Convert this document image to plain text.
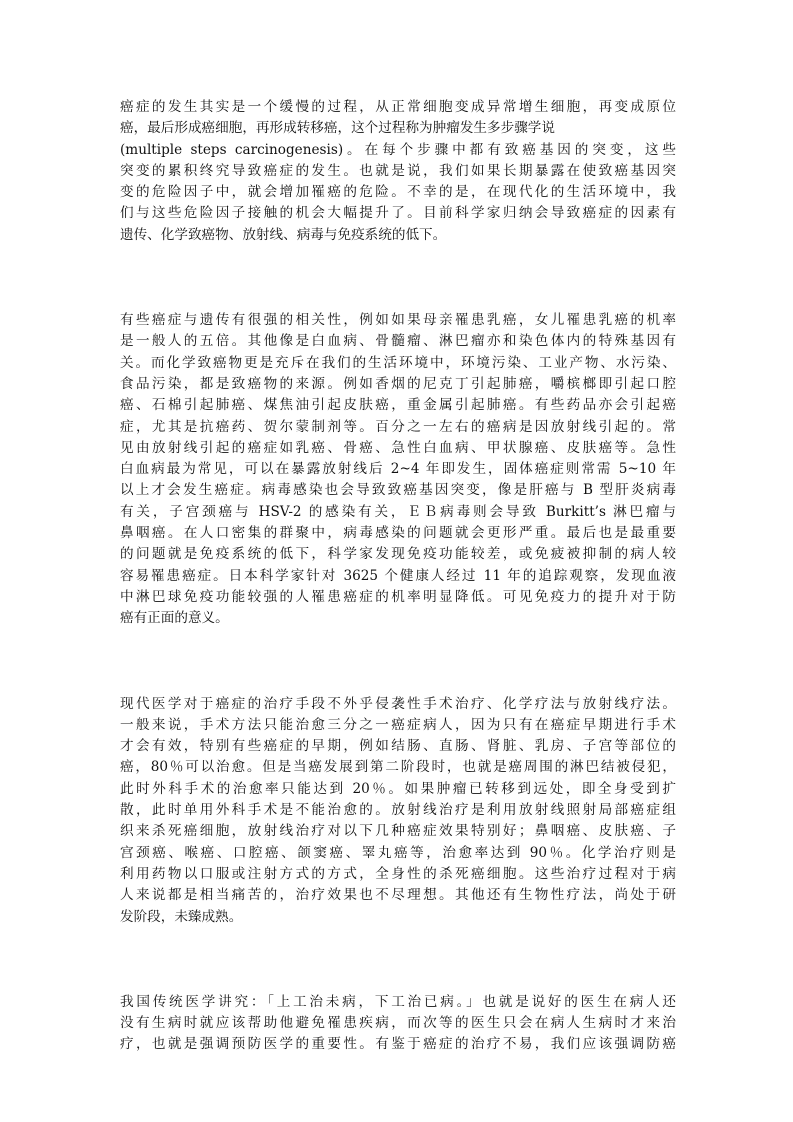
癌症的发生其实是一个缓慢的过程，从正常细胞变成异常增生细胞，再变成原位
癌，最后形成癌细胞，再形成转移癌，这个过程称为肿瘤发生多步骤学说
(multiple steps carcinogenesis)。在每个步骤中都有致癌基因的突变，这些
突变的累积终究导致癌症的发生。也就是说，我们如果长期暴露在使致癌基因突
变的危险因子中，就会增加罹癌的危险。不幸的是，在现代化的生活环境中，我
们与这些危险因子接触的机会大幅提升了。目前科学家归纳会导致癌症的因素有
遗传、化学致癌物、放射线、病毒与免疫系统的低下。
有些癌症与遗传有很强的相关性，例如如果母亲罹患乳癌，女儿罹患乳癌的机率
是一般人的五倍。其他像是白血病、骨髓瘤、淋巴瘤亦和染色体内的特殊基因有
关。而化学致癌物更是充斥在我们的生活环境中，环境污染、工业产物、水污染、
食品污染，都是致癌物的来源。例如香烟的尼克丁引起肺癌，嚼槟榔即引起口腔
癌、石棉引起肺癌、煤焦油引起皮肤癌，重金属引起肺癌。有些药品亦会引起癌
症，尤其是抗癌药、贺尔蒙制剂等。百分之一左右的癌病是因放射线引起的。常
见由放射线引起的癌症如乳癌、骨癌、急性白血病、甲状腺癌、皮肤癌等。急性
白血病最为常见，可以在暴露放射线后 2~4 年即发生，固体癌症则常需 5~10 年
以上才会发生癌症。病毒感染也会导致致癌基因突变，像是肝癌与 B 型肝炎病毒
有关，子宫颈癌与 HSV-2 的感染有关，ＥＢ病毒则会导致 Burkitt’s 淋巴瘤与
鼻咽癌。在人口密集的群聚中，病毒感染的问题就会更形严重。最后也是最重要
的问题就是免疫系统的低下，科学家发现免疫功能较差，或免疲被抑制的病人较
容易罹患癌症。日本科学家针对 3625 个健康人经过 11 年的追踪观察，发现血液
中淋巴球免疫功能较强的人罹患癌症的机率明显降低。可见免疫力的提升对于防
癌有正面的意义。
现代医学对于癌症的治疗手段不外乎侵袭性手术治疗、化学疗法与放射线疗法。
一般来说，手术方法只能治愈三分之一癌症病人，因为只有在癌症早期进行手术
才会有效，特别有些癌症的早期，例如结肠、直肠、肾脏、乳房、子宫等部位的
癌，80％可以治愈。但是当癌发展到第二阶段时，也就是癌周围的淋巴结被侵犯，
此时外科手术的治愈率只能达到 20％。如果肿瘤已转移到远处，即全身受到扩
散，此时单用外科手术是不能治愈的。放射线治疗是利用放射线照射局部癌症组
织来杀死癌细胞，放射线治疗对以下几种癌症效果特别好；鼻咽癌、皮肤癌、子
宫颈癌、喉癌、口腔癌、颌窦癌、睪丸癌等，治愈率达到 90％。化学治疗则是
利用药物以口服或注射方式的方式，全身性的杀死癌细胞。这些治疗过程对于病
人来说都是相当痛苦的，治疗效果也不尽理想。其他还有生物性疗法，尚处于研
发阶段，未臻成熟。
我国传统医学讲究：「上工治未病，下工治已病。」也就是说好的医生在病人还
没有生病时就应该帮助他避免罹患疾病，而次等的医生只会在病人生病时才来治
疗，也就是强调预防医学的重要性。有鉴于癌症的治疗不易，我们应该强调防癌
